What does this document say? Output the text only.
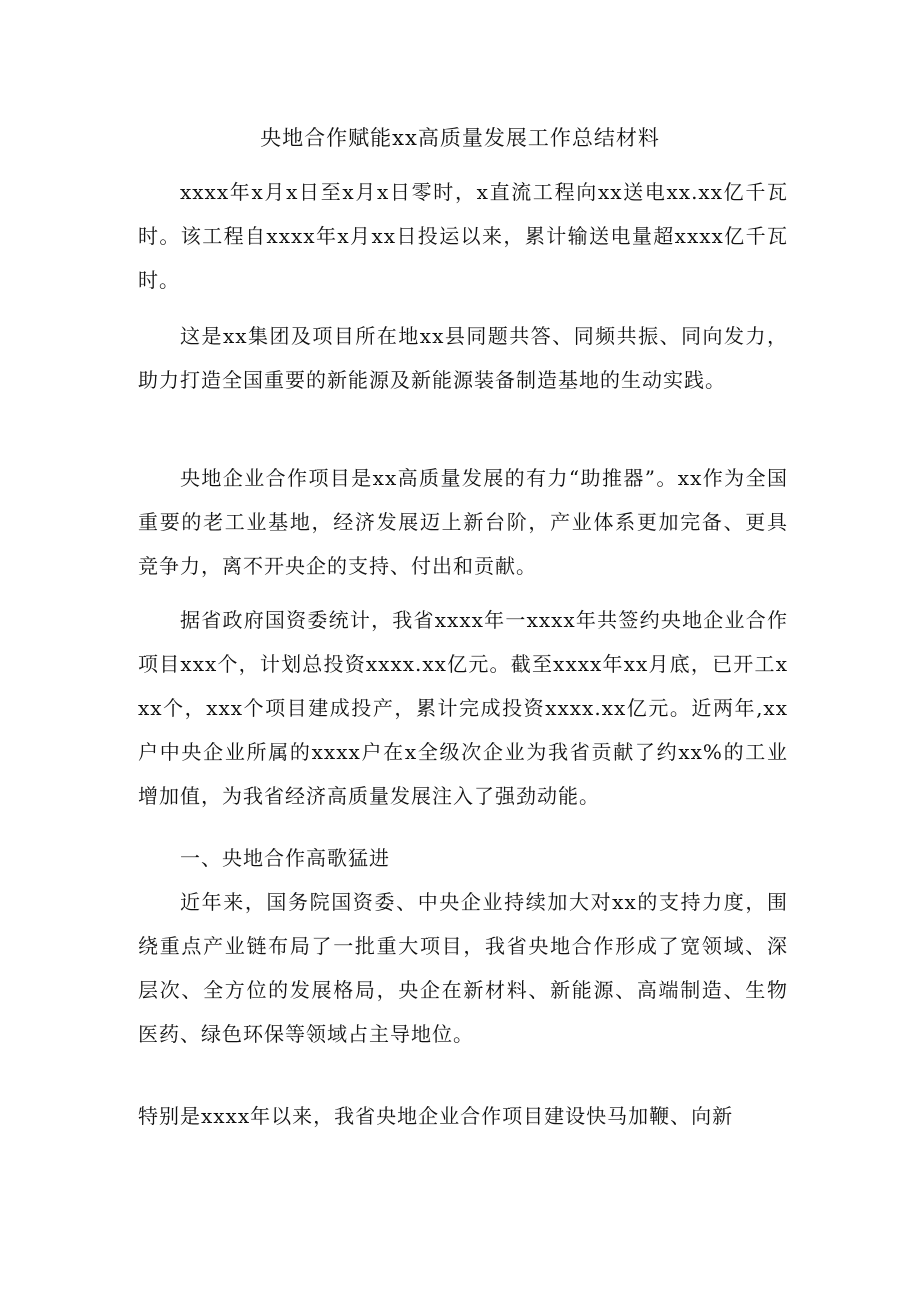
央地合作赋能xx高质量发展工作总结材料

xxxx年x月x日至x月x日零时，x直流工程向xx送电xx.xx亿千瓦时。该工程自xxxx年x月xx日投运以来，累计输送电量超xxxx亿千瓦时。

这是xx集团及项目所在地xx县同题共答、同频共振、同向发力，助力打造全国重要的新能源及新能源装备制造基地的生动实践。

央地企业合作项目是xx高质量发展的有力“助推器”。xx作为全国重要的老工业基地，经济发展迈上新台阶，产业体系更加完备、更具竞争力，离不开央企的支持、付出和贡献。

据省政府国资委统计，我省xxxx年一xxxx年共签约央地企业合作项目xxx个，计划总投资xxxx.xx亿元。截至xxxx年xx月底，已开工xxx个，xxx个项目建成投产，累计完成投资xxxx.xx亿元。近两年,xx户中央企业所属的xxxx户在x全级次企业为我省贡献了约xx%的工业增加值，为我省经济高质量发展注入了强劲动能。

一、央地合作高歌猛进

近年来，国务院国资委、中央企业持续加大对xx的支持力度，围绕重点产业链布局了一批重大项目，我省央地合作形成了宽领域、深层次、全方位的发展格局，央企在新材料、新能源、高端制造、生物医药、绿色环保等领域占主导地位。

特别是xxxx年以来，我省央地企业合作项目建设快马加鞭、向新
